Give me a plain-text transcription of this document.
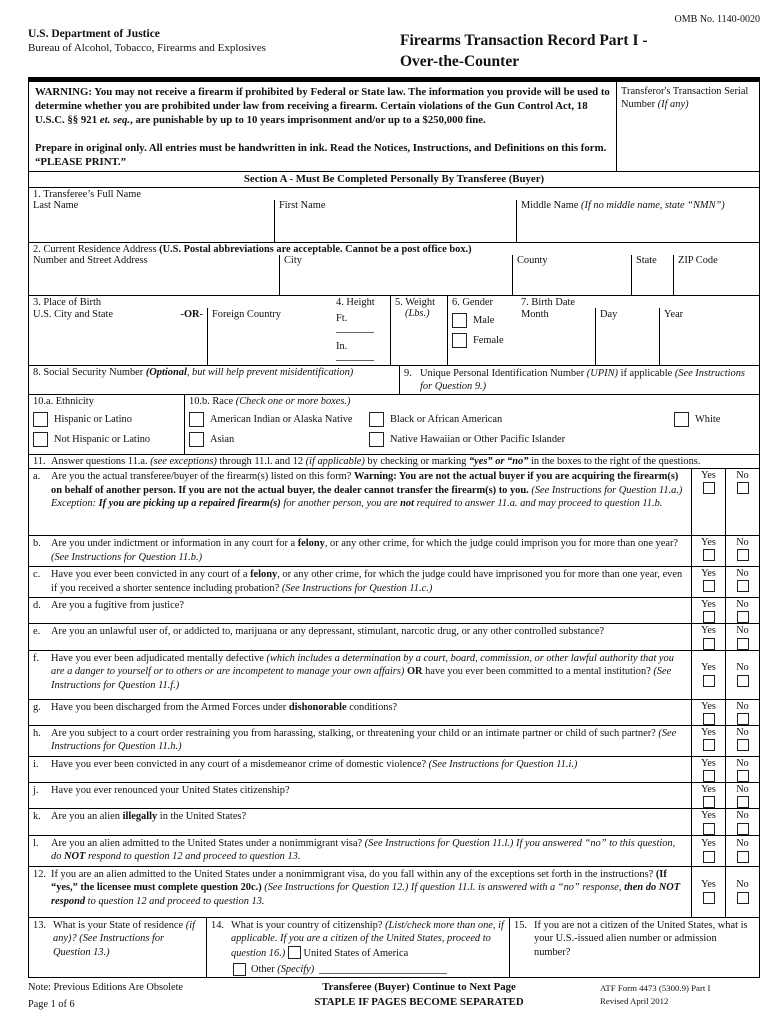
U.S. Department of Justice
Bureau of Alcohol, Tobacco, Firearms and Explosives
OMB No. 1140-0020
Firearms Transaction Record Part I -
Over-the-Counter
WARNING: You may not receive a firearm if prohibited by Federal or State law. The information you provide will be used to determine whether you are prohibited under law from receiving a firearm. Certain violations of the Gun Control Act, 18 U.S.C. §§ 921 et. seq., are punishable by up to 10 years imprisonment and/or up to a $250,000 fine.
Prepare in original only. All entries must be handwritten in ink. Read the Notices, Instructions, and Definitions on this form. “PLEASE PRINT.”
Transferor's Transaction Serial Number (If any)
Section A - Must Be Completed Personally By Transferee (Buyer)
1. Transferee’s Full Name
Last Name	First Name	Middle Name (If no middle name, state “NMN”)
2. Current Residence Address (U.S. Postal abbreviations are acceptable. Cannot be a post office box.)
Number and Street Address	City	County	State	ZIP Code
3. Place of Birth
U.S. City and State	-OR- Foreign Country
4. Height
Ft.
In.
5. Weight
(Lbs.)
6. Gender
Male
Female
7. Birth Date
Month	Day	Year
8. Social Security Number (Optional, but will help prevent misidentification)	9. Unique Personal Identification Number (UPIN) if applicable (See Instructions for Question 9.)
10.a. Ethnicity
Hispanic or Latino
Not Hispanic or Latino
10.b. Race (Check one or more boxes.)
American Indian or Alaska Native
Asian
Black or African American
Native Hawaiian or Other Pacific Islander
White
11. Answer questions 11.a. (see exceptions) through 11.l. and 12 (if applicable) by checking or marking “yes” or “no” in the boxes to the right of the questions.
a.	Are you the actual transferee/buyer of the firearm(s) listed on this form? Warning: You are not the actual buyer if you are acquiring the firearm(s) on behalf of another person. If you are not the actual buyer, the dealer cannot transfer the firearm(s) to you. (See Instructions for Question 11.a.) Exception: If you are picking up a repaired firearm(s) for another person, you are not required to answer 11.a. and may proceed to question 11.b.
Yes No
b. Are you under indictment or information in any court for a felony, or any other crime, for which the judge could imprison you for more than one year? (See Instructions for Question 11.b.)
Yes No
c.	Have you ever been convicted in any court of a felony, or any other crime, for which the judge could have imprisoned you for more than one year, even if you received a shorter sentence including probation? (See Instructions for Question 11.c.)
Yes No
d. Are you a fugitive from justice?	Yes No
e.	Are you an unlawful user of, or addicted to, marijuana or any depressant, stimulant, narcotic drug, or any other controlled substance?	Yes No
f.	Have you ever been adjudicated mentally defective (which includes a determination by a court, board, commission, or other lawful authority that you are a danger to yourself or to others or are incompetent to manage your own affairs) OR have you ever been committed to a mental institution? (See Instructions for Question 11.f.)
Yes No
g. Have you been discharged from the Armed Forces under dishonorable conditions?	Yes No
h. Are you subject to a court order restraining you from harassing, stalking, or threatening your child or an intimate partner or child of such partner? (See Instructions for Question 11.h.)
Yes No
i.	Have you ever been convicted in any court of a misdemeanor crime of domestic violence? (See Instructions for Question 11.i.)	Yes No
j.	Have you ever renounced your United States citizenship?	Yes No
k. Are you an alien illegally in the United States?	Yes No
l.	Are you an alien admitted to the United States under a nonimmigrant visa? (See Instructions for Question 11.l.) If you answered “no” to this question, do NOT respond to question 12 and proceed to question 13.
Yes No
12. If you are an alien admitted to the United States under a nonimmigrant visa, do you fall within any of the exceptions set forth in the instructions? (If “yes,” the licensee must complete question 20c.) (See Instructions for Question 12.) If question 11.l. is answered with a “no” response, then do NOT respond to question 12 and proceed to question 13.
Yes No
13. What is your State of residence (if any)? (See Instructions for Question 13.)
14. What is your country of citizenship? (List/check more than one, if applicable. If you are a citizen of the United States, proceed to question 16.) United States of America
Other (Specify)
15. If you are not a citizen of the United States, what is your U.S.-issued alien number or admission number?
Note: Previous Editions Are Obsolete
Page 1 of 6
Transferee (Buyer) Continue to Next Page
STAPLE IF PAGES BECOME SEPARATED
ATF Form 4473 (5300.9) Part I
Revised April 2012
